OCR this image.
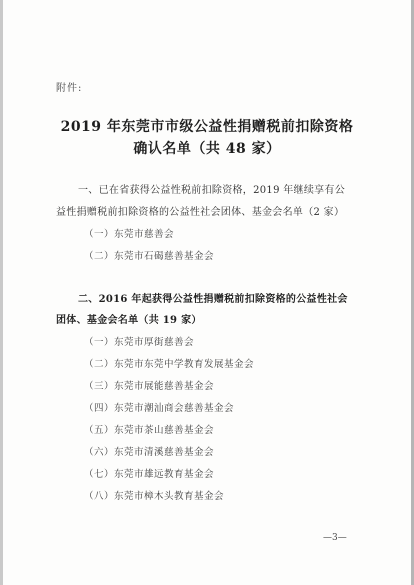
附件:
2019 年东莞市市级公益性捐赠税前扣除资格
确认名单（共 48 家）
一、已在省获得公益性税前扣除资格，2019 年继续享有公
益性捐赠税前扣除资格的公益性社会团体、基金会名单（2 家）
（一）东莞市慈善会
（二）东莞市石碣慈善基金会
二、2016 年起获得公益性捐赠税前扣除资格的公益性社会
团体、基金会名单（共 19 家）
（一）东莞市厚街慈善会
（二）东莞市东莞中学教育发展基金会
（三）东莞市展能慈善基金会
（四）东莞市潮汕商会慈善基金会
（五）东莞市茶山慈善基金会
（六）东莞市清溪慈善基金会
（七）东莞市雄远教育基金会
（八）东莞市樟木头教育基金会
—3—
